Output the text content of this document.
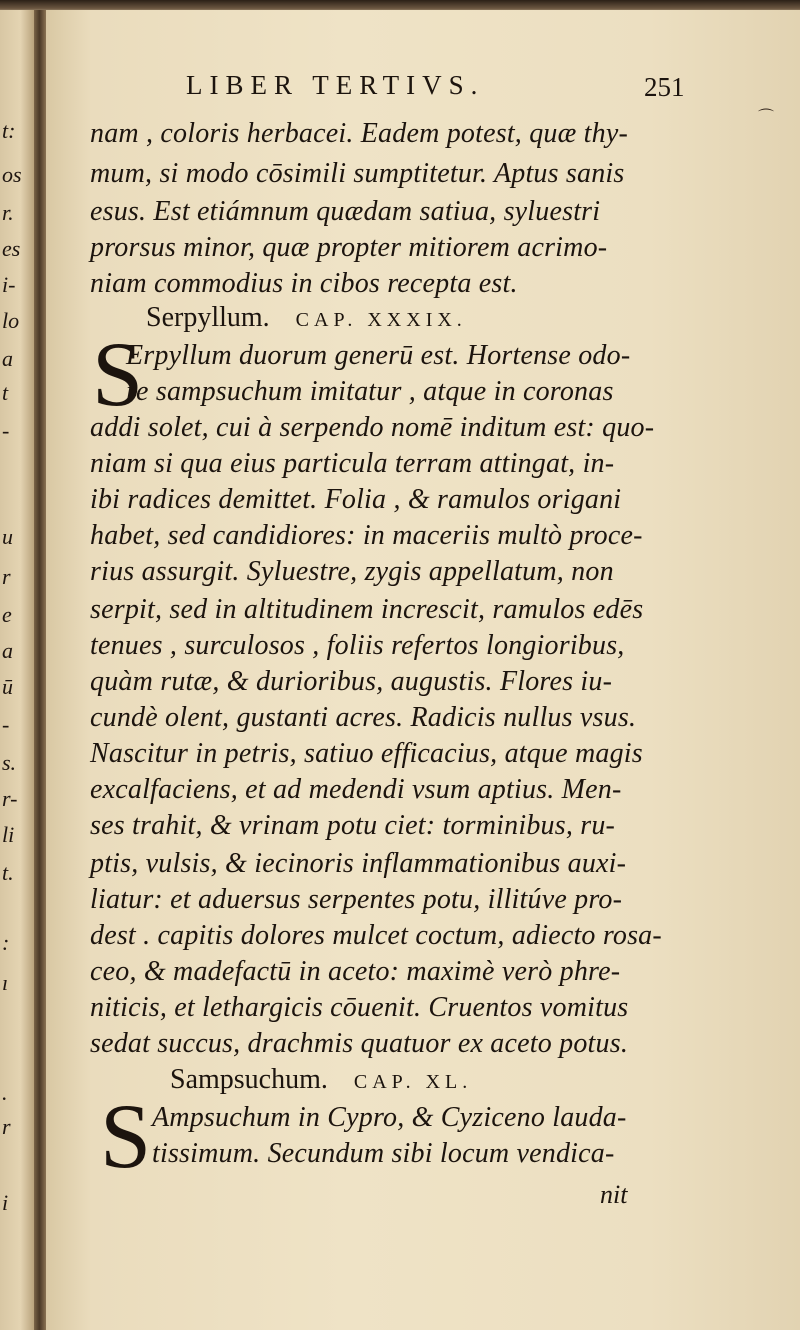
t:
os
r.
es
i-
lo
a
t
-
u
r
e
a
ū
-
s.
r-
li
t.
:
ı
.
r
i
LIBER TERTIVS.	251
⌒
nam , coloris herbacei. Eadem potest, quæ thy-
mum, si modo cōsimili sumptitetur. Aptus sanis
esus. Est etiámnum quædam satiua, syluestri
prorsus minor, quæ propter mitiorem acrimo-
niam commodius in cibos recepta est.
Serpyllum. CAP. XXXIX.
S
Erpyllum duorum generū est. Hortense odo-
re sampsuchum imitatur , atque in coronas
addi solet, cui à serpendo nomē inditum est: quo-
niam si qua eius particula terram attingat, in-
ibi radices demittet. Folia , & ramulos origani
habet, sed candidiores: in maceriis multò proce-
rius assurgit. Syluestre, zygis appellatum, non
serpit, sed in altitudinem increscit, ramulos edēs
tenues , surculosos , foliis refertos longioribus,
quàm rutæ, & durioribus, augustis. Flores iu-
cundè olent, gustanti acres. Radicis nullus vsus.
Nascitur in petris, satiuo efficacius, atque magis
excalfaciens, et ad medendi vsum aptius. Men-
ses trahit, & vrinam potu ciet: torminibus, ru-
ptis, vulsis, & iecinoris inflammationibus auxi-
liatur: et aduersus serpentes potu, illitúve pro-
dest . capitis dolores mulcet coctum, adiecto rosa-
ceo, & madefactū in aceto: maximè verò phre-
niticis, et lethargicis cōuenit. Cruentos vomitus
sedat succus, drachmis quatuor ex aceto potus.
Sampsuchum. CAP. XL.
S Ampsuchum in Cypro, & Cyziceno lauda-
tissimum. Secundum sibi locum vendica-
nit
